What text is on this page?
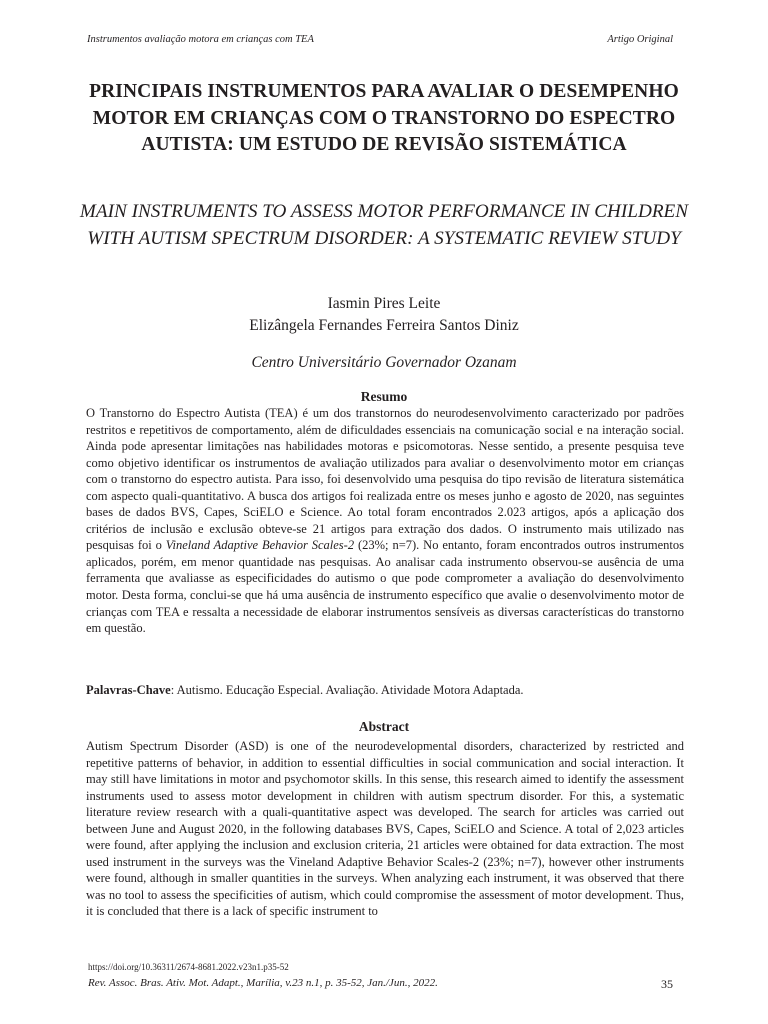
Instrumentos avaliação motora em crianças com TEA	Artigo Original
PRINCIPAIS INSTRUMENTOS PARA AVALIAR O DESEMPENHO MOTOR EM CRIANÇAS COM O TRANSTORNO DO ESPECTRO AUTISTA: UM ESTUDO DE REVISÃO SISTEMÁTICA
MAIN INSTRUMENTS TO ASSESS MOTOR PERFORMANCE IN CHILDREN WITH AUTISM SPECTRUM DISORDER: A SYSTEMATIC REVIEW STUDY
Iasmin Pires Leite
Elizângela Fernandes Ferreira Santos Diniz
Centro Universitário Governador Ozanam
Resumo
O Transtorno do Espectro Autista (TEA) é um dos transtornos do neurodesenvolvimento caracterizado por padrões restritos e repetitivos de comportamento, além de dificuldades essenciais na comunicação social e na interação social. Ainda pode apresentar limitações nas habilidades motoras e psicomotoras. Nesse sentido, a presente pesquisa teve como objetivo identificar os instrumentos de avaliação utilizados para avaliar o desenvolvimento motor em crianças com o transtorno do espectro autista. Para isso, foi desenvolvido uma pesquisa do tipo revisão de literatura sistemática com aspecto quali-quantitativo. A busca dos artigos foi realizada entre os meses junho e agosto de 2020, nas seguintes bases de dados BVS, Capes, SciELO e Science. Ao total foram encontrados 2.023 artigos, após a aplicação dos critérios de inclusão e exclusão obteve-se 21 artigos para extração dos dados. O instrumento mais utilizado nas pesquisas foi o Vineland Adaptive Behavior Scales-2 (23%; n=7). No entanto, foram encontrados outros instrumentos aplicados, porém, em menor quantidade nas pesquisas. Ao analisar cada instrumento observou-se ausência de uma ferramenta que avaliasse as especificidades do autismo o que pode comprometer a avaliação do desenvolvimento motor. Desta forma, conclui-se que há uma ausência de instrumento específico que avalie o desenvolvimento motor de crianças com TEA e ressalta a necessidade de elaborar instrumentos sensíveis as diversas características do transtorno em questão.
Palavras-Chave: Autismo. Educação Especial. Avaliação. Atividade Motora Adaptada.
Abstract
Autism Spectrum Disorder (ASD) is one of the neurodevelopmental disorders, characterized by restricted and repetitive patterns of behavior, in addition to essential difficulties in social communication and social interaction. It may still have limitations in motor and psychomotor skills. In this sense, this research aimed to identify the assessment instruments used to assess motor development in children with autism spectrum disorder. For this, a systematic literature review research with a quali-quantitative aspect was developed. The search for articles was carried out between June and August 2020, in the following databases BVS, Capes, SciELO and Science. A total of 2,023 articles were found, after applying the inclusion and exclusion criteria, 21 articles were obtained for data extraction. The most used instrument in the surveys was the Vineland Adaptive Behavior Scales-2 (23%; n=7), however other instruments were found, although in smaller quantities in the surveys. When analyzing each instrument, it was observed that there was no tool to assess the specificities of autism, which could compromise the assessment of motor development. Thus, it is concluded that there is a lack of specific instrument to
https://doi.org/10.36311/2674-8681.2022.v23n1.p35-52
Rev. Assoc. Bras. Ativ. Mot. Adapt., Marília, v.23 n.1, p. 35-52, Jan./Jun., 2022.	35
